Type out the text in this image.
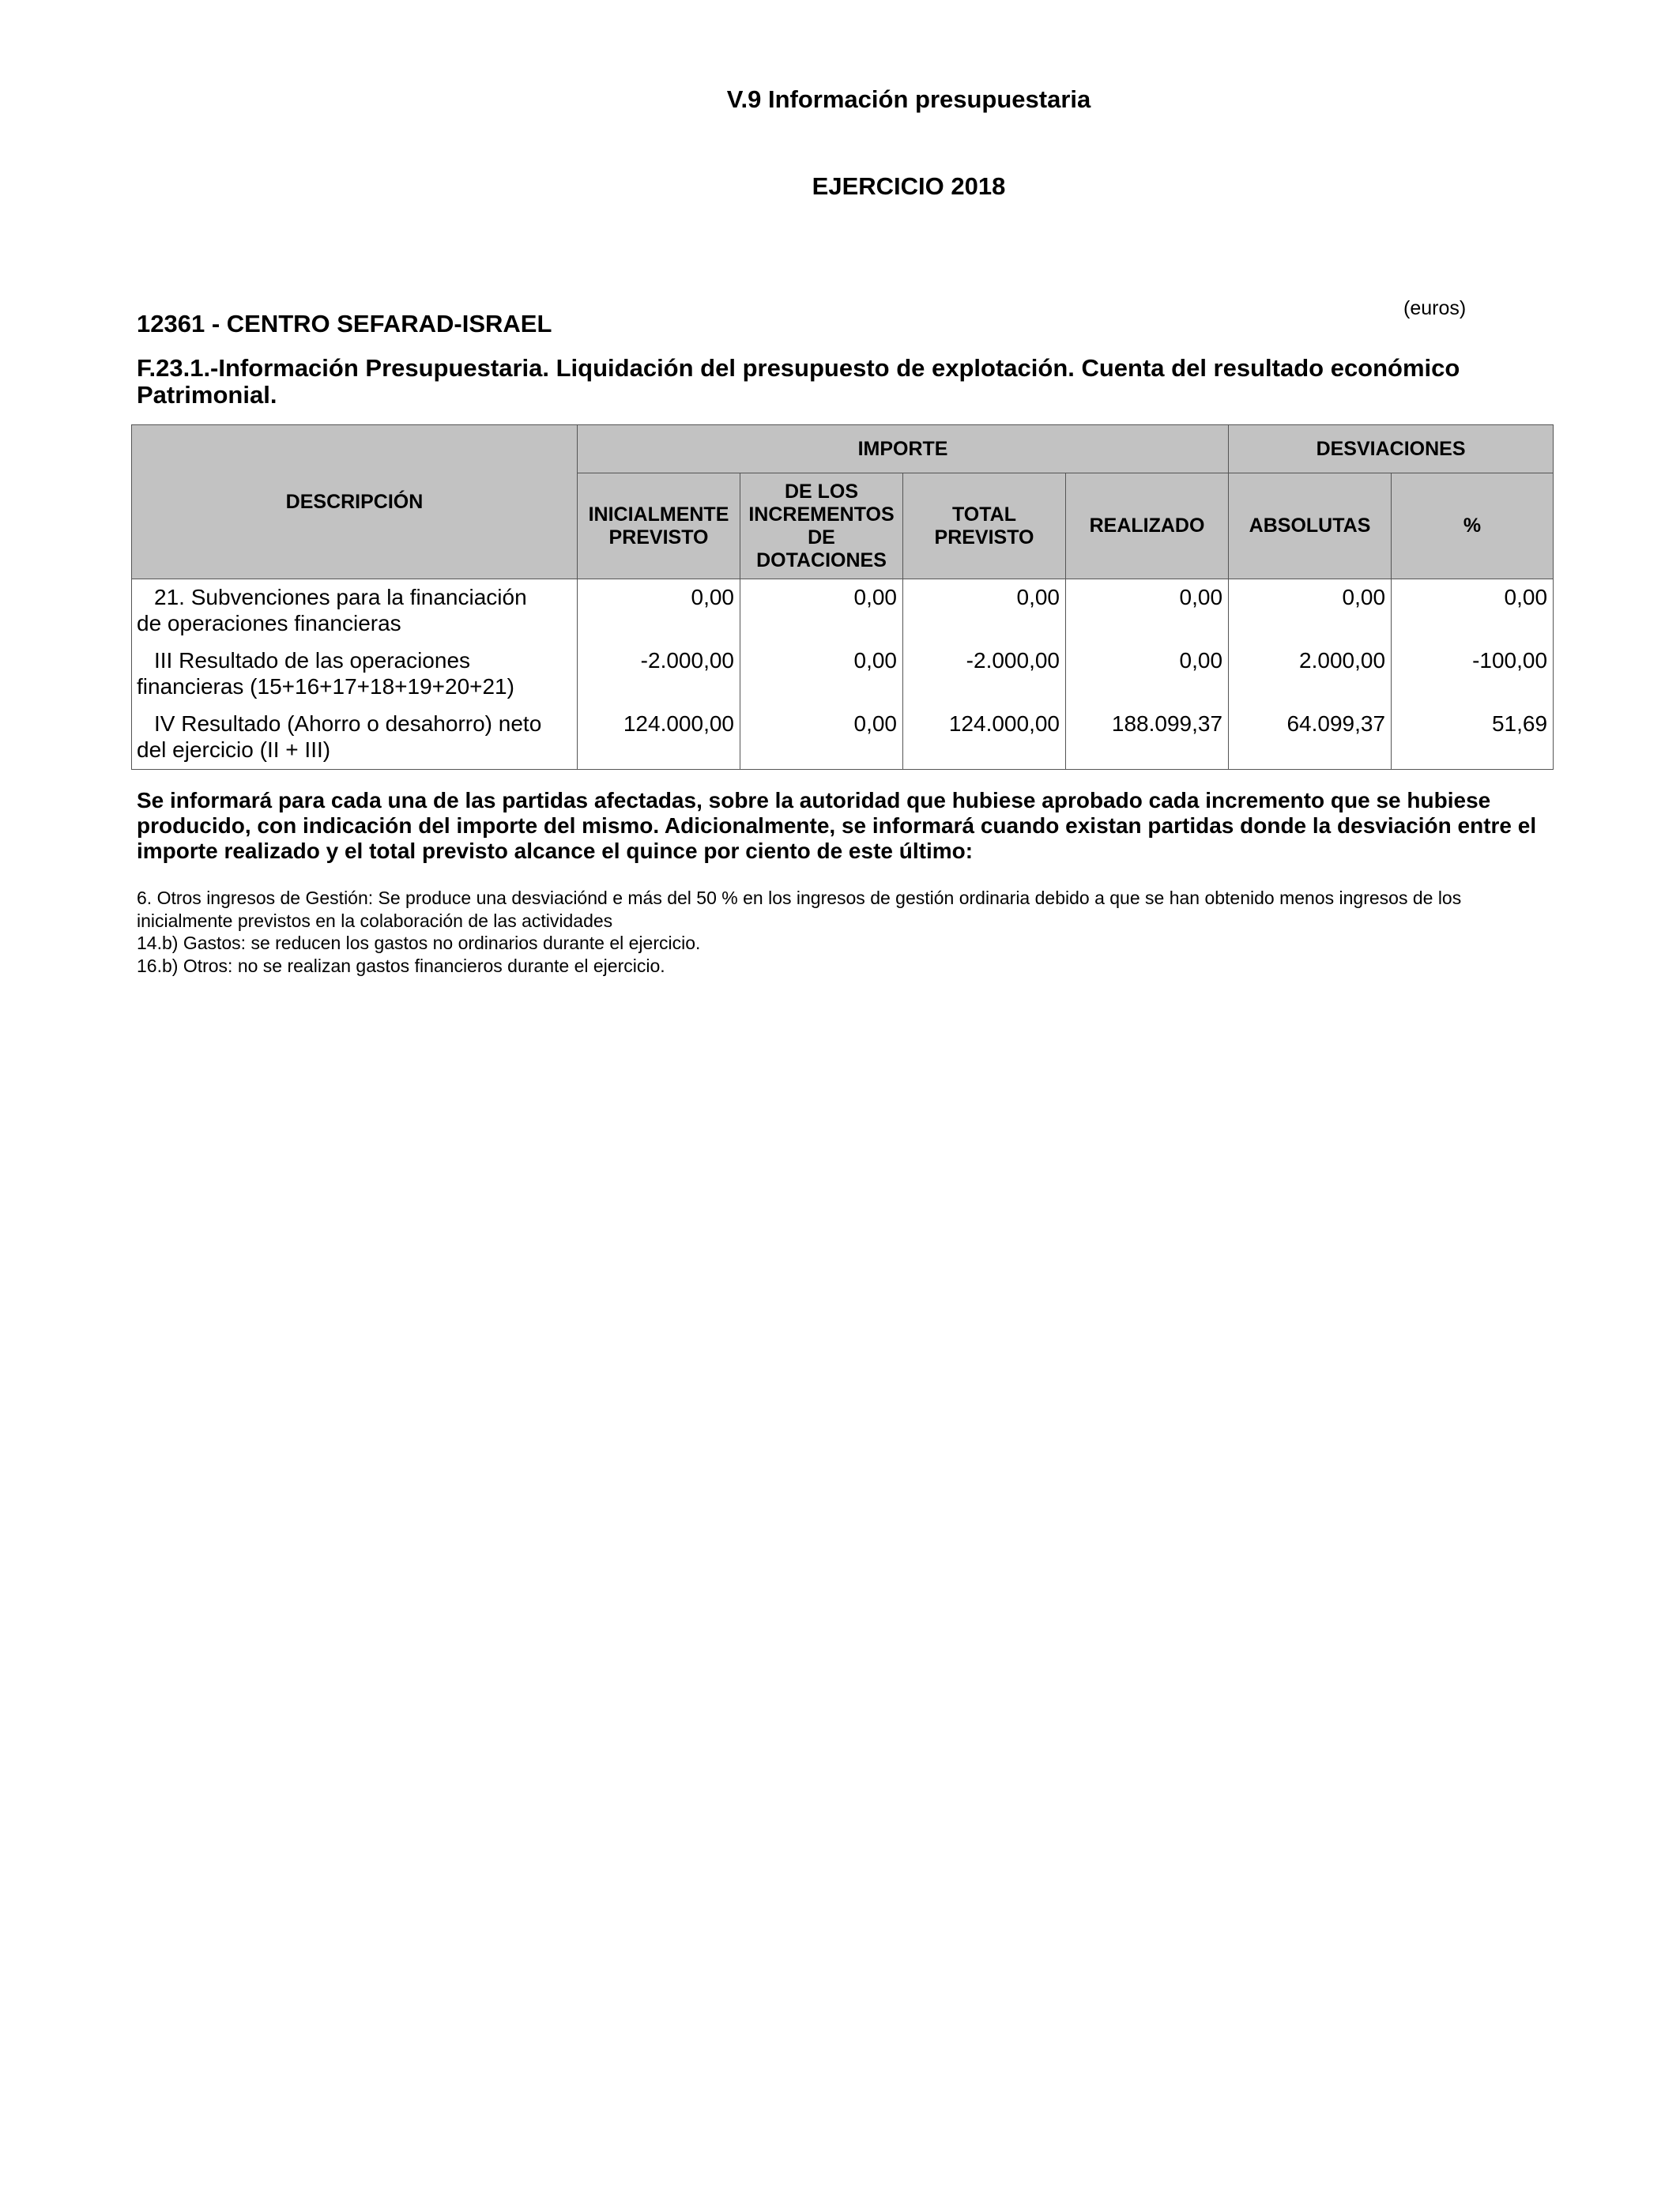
V.9 Información presupuestaria
EJERCICIO 2018
(euros)
12361 - CENTRO SEFARAD-ISRAEL
F.23.1.-Información Presupuestaria. Liquidación del presupuesto de explotación. Cuenta del resultado económico Patrimonial.
DESCRIPCIÓN	IMPORTE				DESVIACIONES	
	INICIALMENTE PREVISTO	DE LOS INCREMENTOS DE DOTACIONES	TOTAL PREVISTO	REALIZADO	ABSOLUTAS	%

21. Subvenciones para la financiación
de operaciones financieras	0,00	0,00	0,00	0,00	0,00	0,00

III Resultado de las operaciones
financieras (15+16+17+18+19+20+21)	-2.000,00	0,00	-2.000,00	0,00	2.000,00	-100,00

IV Resultado (Ahorro o desahorro) neto
del ejercicio (II + III)	124.000,00	0,00	124.000,00	188.099,37	64.099,37	51,69
Se informará para cada una de las partidas afectadas, sobre la autoridad que hubiese aprobado cada incremento que se hubiese producido, con indicación del importe del mismo. Adicionalmente, se informará cuando existan partidas donde la desviación entre el importe realizado y el total previsto alcance el quince por ciento de este último:
6. Otros ingresos de Gestión: Se produce una desviaciónd e más del 50 % en los ingresos de gestión ordinaria debido a que se han obtenido menos ingresos de los inicialmente previstos en la colaboración de las actividades
14.b) Gastos: se reducen los gastos no ordinarios durante el ejercicio.
16.b) Otros: no se realizan gastos financieros durante el ejercicio.
